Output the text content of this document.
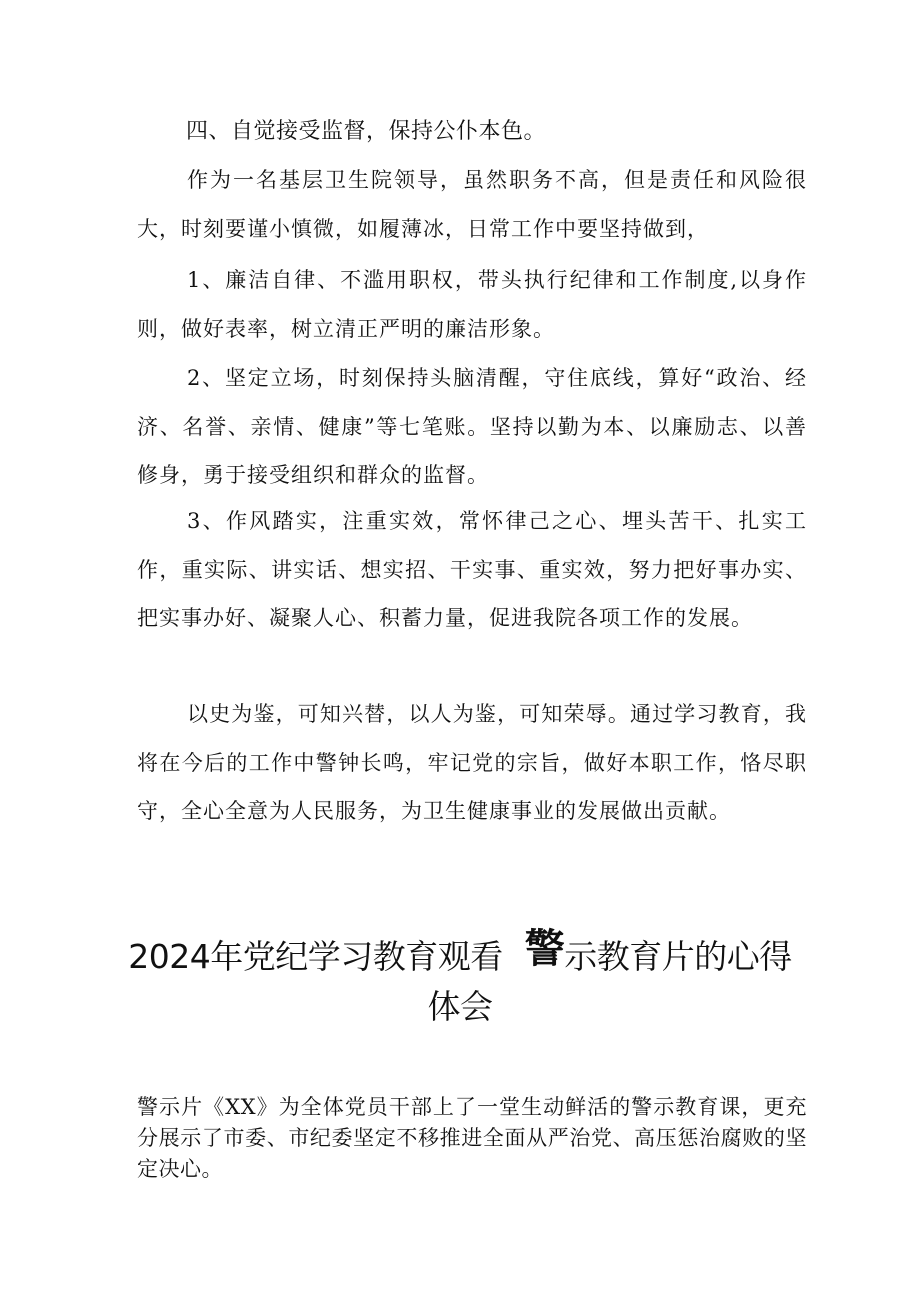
四、自觉接受监督，保持公仆本色。

作为一名基层卫生院领导，虽然职务不高，但是责任和风险很大，时刻要谨小慎微，如履薄冰，日常工作中要坚持做到，

1、廉洁自律、不滥用职权，带头执行纪律和工作制度,以身作则，做好表率，树立清正严明的廉洁形象。

2、坚定立场，时刻保持头脑清醒，守住底线，算好“政治、经济、名誉、亲情、健康”等七笔账。坚持以勤为本、以廉励志、以善修身，勇于接受组织和群众的监督。

3、作风踏实，注重实效，常怀律己之心、埋头苦干、扎实工作，重实际、讲实话、想实招、干实事、重实效，努力把好事办实、把实事办好、凝聚人心、积蓄力量，促进我院各项工作的发展。

以史为鉴，可知兴替，以人为鉴，可知荣辱。通过学习教育，我将在今后的工作中警钟长鸣，牢记党的宗旨，做好本职工作，恪尽职守，全心全意为人民服务，为卫生健康事业的发展做出贡献。

2024年党纪学习教育观看 警示教育片的心得体会

警示片《XX》为全体党员干部上了一堂生动鲜活的警示教育课，更充分展示了市委、市纪委坚定不移推进全面从严治党、高压惩治腐败的坚定决心。
